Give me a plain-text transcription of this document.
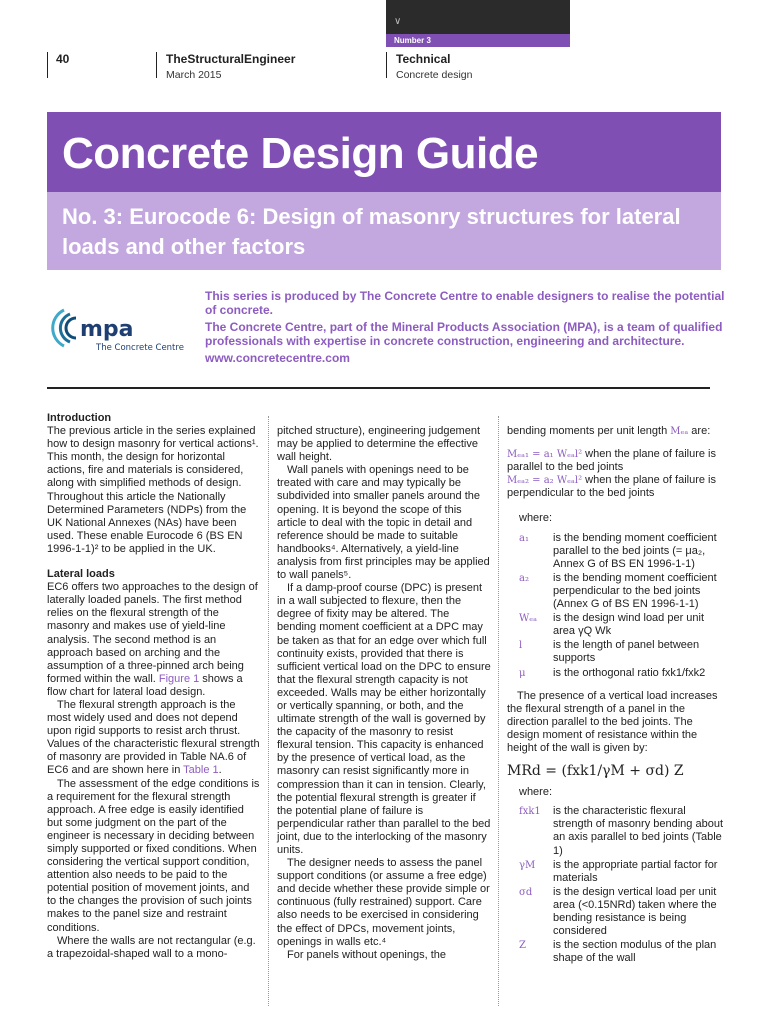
∨
Number 3
40	TheStructuralEngineer
March 2015
Technical
Concrete design
Concrete Design Guide
No. 3: Eurocode 6: Design of masonry structures for lateral loads and other factors
mpa
The Concrete Centre

This series is produced by The Concrete Centre to enable designers to realise the potential of concrete.

The Concrete Centre, part of the Mineral Products Association (MPA), is a team of qualified professionals with expertise in concrete construction, engineering and architecture.

www.concretecentre.com

Introduction

The previous article in the series explained how to design masonry for vertical actions¹. This month, the design for horizontal actions, fire and materials is considered, along with simplified methods of design. Throughout this article the Nationally Determined Parameters (NDPs) from the UK National Annexes (NAs) have been used. These enable Eurocode 6 (BS EN 1996-1-1)² to be applied in the UK.

Lateral loads

EC6 offers two approaches to the design of laterally loaded panels. The first method relies on the flexural strength of the masonry and makes use of yield-line analysis. The second method is an approach based on arching and the assumption of a three-pinned arch being formed within the wall. Figure 1 shows a flow chart for lateral load design.

The flexural strength approach is the most widely used and does not depend upon rigid supports to resist arch thrust. Values of the characteristic flexural strength of masonry are provided in Table NA.6 of EC6 and are shown here in Table 1.

The assessment of the edge conditions is a requirement for the flexural strength approach. A free edge is easily identified but some judgment on the part of the engineer is necessary in deciding between simply supported or fixed conditions. When considering the vertical support condition, attention also needs to be paid to the potential position of movement joints, and to the changes the provision of such joints makes to the panel size and restraint conditions.

Where the walls are not rectangular (e.g. a trapezoidal-shaped wall to a mono-

pitched structure), engineering judgement may be applied to determine the effective wall height.

Wall panels with openings need to be treated with care and may typically be subdivided into smaller panels around the opening. It is beyond the scope of this article to deal with the topic in detail and reference should be made to suitable handbooks⁴. Alternatively, a yield-line analysis from first principles may be applied to wall panels⁵.

If a damp-proof course (DPC) is present in a wall subjected to flexure, then the degree of fixity may be altered. The bending moment coefficient at a DPC may be taken as that for an edge over which full continuity exists, provided that there is sufficient vertical load on the DPC to ensure that the flexural strength capacity is not exceeded. Walls may be either horizontally or vertically spanning, or both, and the ultimate strength of the wall is governed by the capacity of the masonry to resist flexural tension. This capacity is enhanced by the presence of vertical load, as the masonry can resist significantly more in compression than it can in tension. Clearly, the potential flexural strength is greater if the potential plane of failure is perpendicular rather than parallel to the bed joint, due to the interlocking of the masonry units.

The designer needs to assess the panel support conditions (or assume a free edge) and decide whether these provide simple or continuous (fully restrained) support. Care also needs to be exercised in considering the effect of DPCs, movement joints, openings in walls etc.⁴

For panels without openings, the

bending moments per unit length Mₑₐ are:

Mₑₐ₁ = a₁ Wₑₐl² when the plane of failure is parallel to the bed joints

Mₑₐ₂ = a₂ Wₑₐl² when the plane of failure is perpendicular to the bed joints

where:

a₁	is the bending moment coefficient parallel to the bed joints (= μa₂, Annex G of BS EN 1996-1-1)
a₂	is the bending moment coefficient perpendicular to the bed joints (Annex G of BS EN 1996-1-1)
Wₑₐ	is the design wind load per unit area γQ Wk
l	is the length of panel between supports
μ	is the orthogonal ratio fxk1/fxk2

The presence of a vertical load increases the flexural strength of a panel in the direction parallel to the bed joints. The design moment of resistance within the height of the wall is given by:

MRd = (fxk1/γM + σd) Z

where:

fxk1	is the characteristic flexural strength of masonry bending about an axis parallel to bed joints (Table 1)
γM	is the appropriate partial factor for materials
σd	is the design vertical load per unit area (<0.15NRd) taken where the bending resistance is being considered
Z	is the section modulus of the plan shape of the wall
